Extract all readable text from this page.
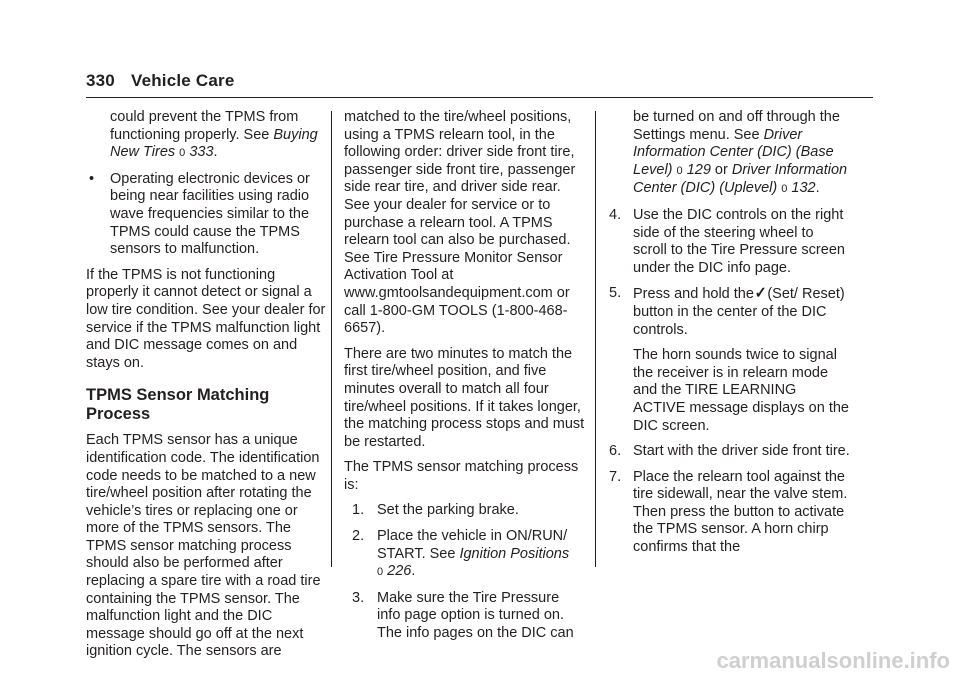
330 Vehicle Care

could prevent the TPMS from functioning properly. See Buying New Tires 0 333.

• Operating electronic devices or being near facilities using radio wave frequencies similar to the TPMS could cause the TPMS sensors to malfunction.

If the TPMS is not functioning properly it cannot detect or signal a low tire condition. See your dealer for service if the TPMS malfunction light and DIC message comes on and stays on.

TPMS Sensor Matching Process

Each TPMS sensor has a unique identification code. The identification code needs to be matched to a new tire/wheel position after rotating the vehicle’s tires or replacing one or more of the TPMS sensors. The TPMS sensor matching process should also be performed after replacing a spare tire with a road tire containing the TPMS sensor. The malfunction light and the DIC message should go off at the next ignition cycle. The sensors are

matched to the tire/wheel positions, using a TPMS relearn tool, in the following order: driver side front tire, passenger side front tire, passenger side rear tire, and driver side rear. See your dealer for service or to purchase a relearn tool. A TPMS relearn tool can also be purchased. See Tire Pressure Monitor Sensor Activation Tool at www.gmtoolsandequipment.com or call 1-800-GM TOOLS (1-800-468-6657).

There are two minutes to match the first tire/wheel position, and five minutes overall to match all four tire/wheel positions. If it takes longer, the matching process stops and must be restarted.

The TPMS sensor matching process is:

1. Set the parking brake.

2. Place the vehicle in ON/RUN/ START. See Ignition Positions
0 226.

3. Make sure the Tire Pressure info page option is turned on. The info pages on the DIC can

be turned on and off through the Settings menu. See Driver Information Center (DIC) (Base Level) 0 129 or Driver Information Center (DIC) (Uplevel) 0 132.

4. Use the DIC controls on the right side of the steering wheel to scroll to the Tire Pressure screen under the DIC info page.

5. Press and hold the✓(Set/ Reset) button in the center of the DIC controls.

The horn sounds twice to signal the receiver is in relearn mode and the TIRE LEARNING ACTIVE message displays on the DIC screen.

6. Start with the driver side front tire.

7. Place the relearn tool against the tire sidewall, near the valve stem. Then press the button to activate the TPMS sensor. A horn chirp confirms that the

carmanualsonline.info
